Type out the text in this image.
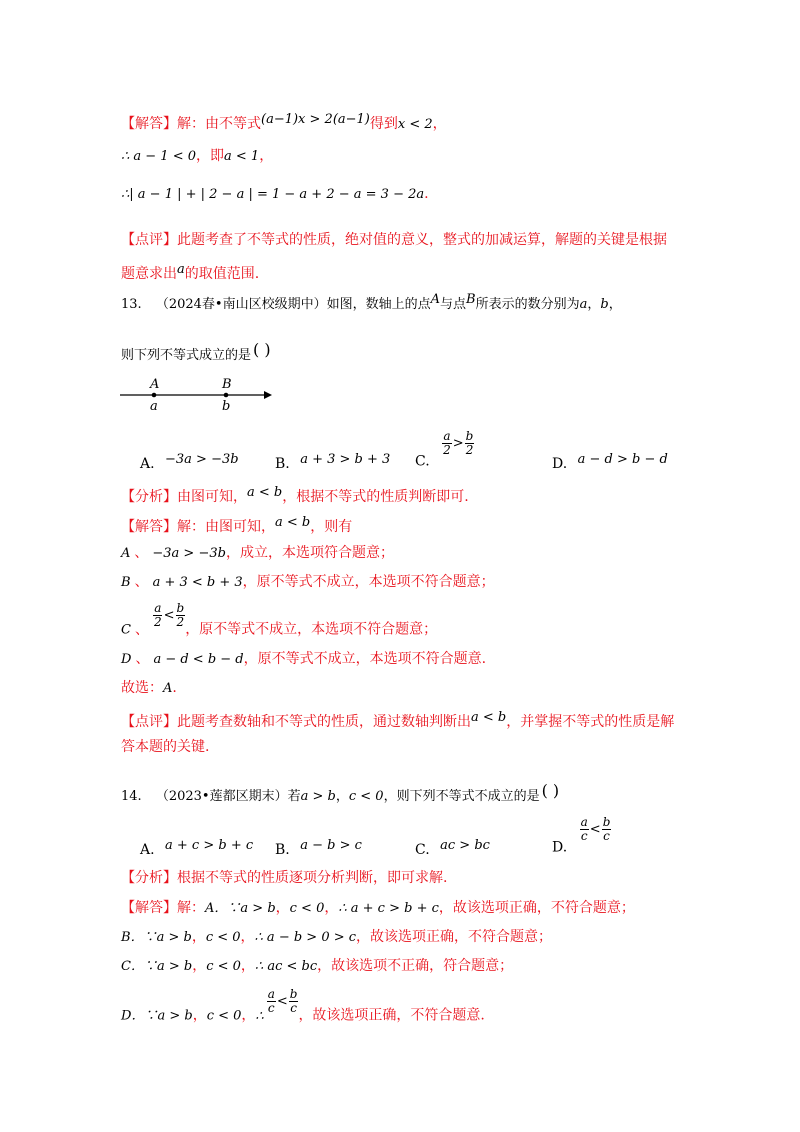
【解答】解：由不等式(a−1)x > 2(a−1)得到x < 2，
∴ a − 1 < 0，即a < 1，
∴| a − 1 | + | 2 − a | = 1 − a + 2 − a = 3 − 2a.
【点评】此题考查了不等式的性质，绝对值的意义，整式的加减运算，解题的关键是根据
题意求出a的取值范围.
13. （2024春•南山区校级期中）如图，数轴上的点A与点B所表示的数分别为a，b，
则下列不等式成立的是 ( )
A	B
a	b
A. −3a > −3b	B. a + 3 > b + 3 C.
$\frac{a}{2} > \frac{b}{2}$
D. a − d > b − d
【分析】由图可知，a < b，根据不等式的性质判断即可.
【解答】解：由图可知，a < b，则有
A 、 −3a > −3b，成立，本选项符合题意；
B 、 a + 3 < b + 3，原不等式不成立，本选项不符合题意；
C 、
$\frac{a}{2} < \frac{b}{2}$
，原不等式不成立，本选项不符合题意；
D 、 a − d < b − d，原不等式不成立，本选项不符合题意.
故选：A.
【点评】此题考查数轴和不等式的性质，通过数轴判断出a < b，并掌握不等式的性质是解
答本题的关键.
14. （2023•莲都区期末）若a > b，c < 0，则下列不等式不成立的是 ( )
A. a + c > b + c B. a − b > c	C. ac > bc	D.
$\frac{a}{c} < \frac{b}{c}$
【分析】根据不等式的性质逐项分析判断，即可求解.
【解答】解：A．∵a > b，c < 0，∴ a + c > b + c，故该选项正确，不符合题意；
B．∵a > b，c < 0，∴ a − b > 0 > c，故该选项正确，不符合题意；
C．∵a > b，c < 0，∴ ac < bc，故该选项不正确，符合题意；
D．∵a > b，c < 0，∴
$\frac{a}{c} < \frac{b}{c}$
，故该选项正确，不符合题意.
